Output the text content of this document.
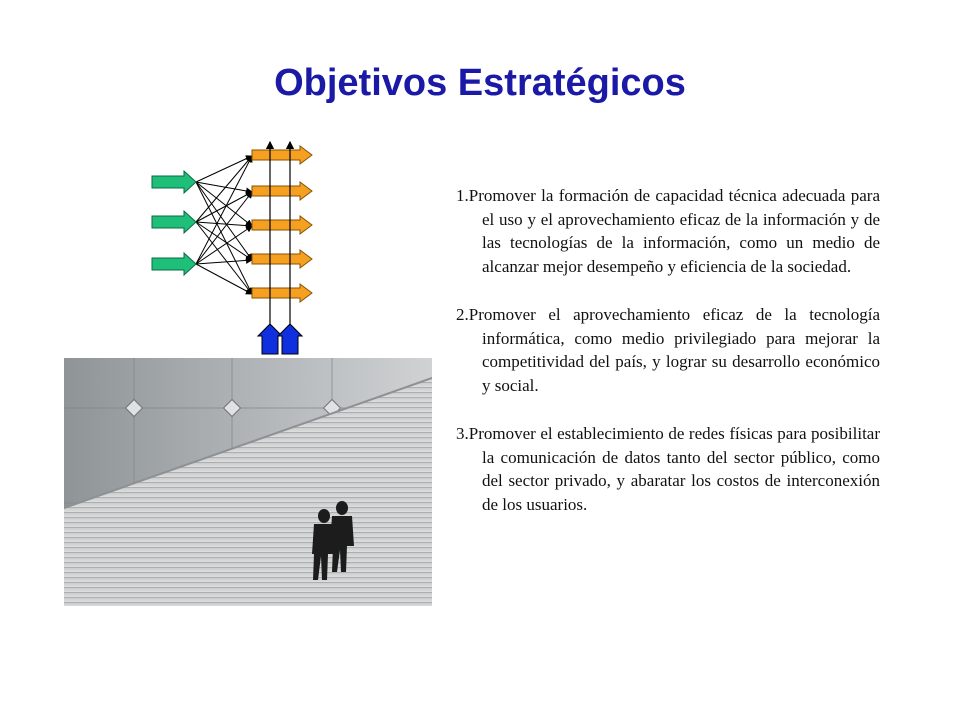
Objetivos Estratégicos

1.Promover la formación de capacidad técnica adecuada para el uso y el aprovechamiento eficaz de la información y de las tecnologías de la información, como un medio de alcanzar mejor desempeño y eficiencia de la sociedad.

2.Promover el aprovechamiento eficaz de la tecnología informática, como medio privilegiado para mejorar la competitividad del país, y lograr su desarrollo económico y social.

3.Promover el establecimiento de redes físicas para posibilitar la comunicación de datos tanto del sector público, como del sector privado, y abaratar los costos de interconexión de los usuarios.
